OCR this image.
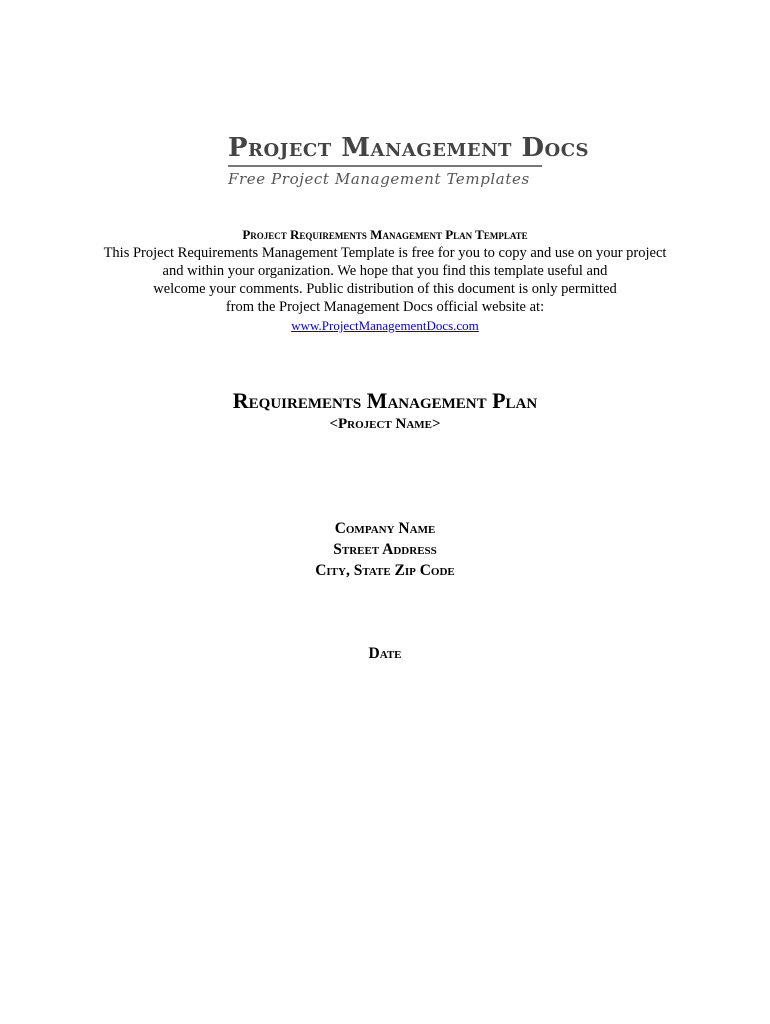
Project Management Docs
Free Project Management Templates
Project Requirements Management Plan Template
This Project Requirements Management Template is free for you to copy and use on your project
and within your organization. We hope that you find this template useful and
welcome your comments. Public distribution of this document is only permitted
from the Project Management Docs official website at:
www.ProjectManagementDocs.com
Requirements Management Plan
<Project Name>
Company Name
Street Address
City, State Zip Code
Date
